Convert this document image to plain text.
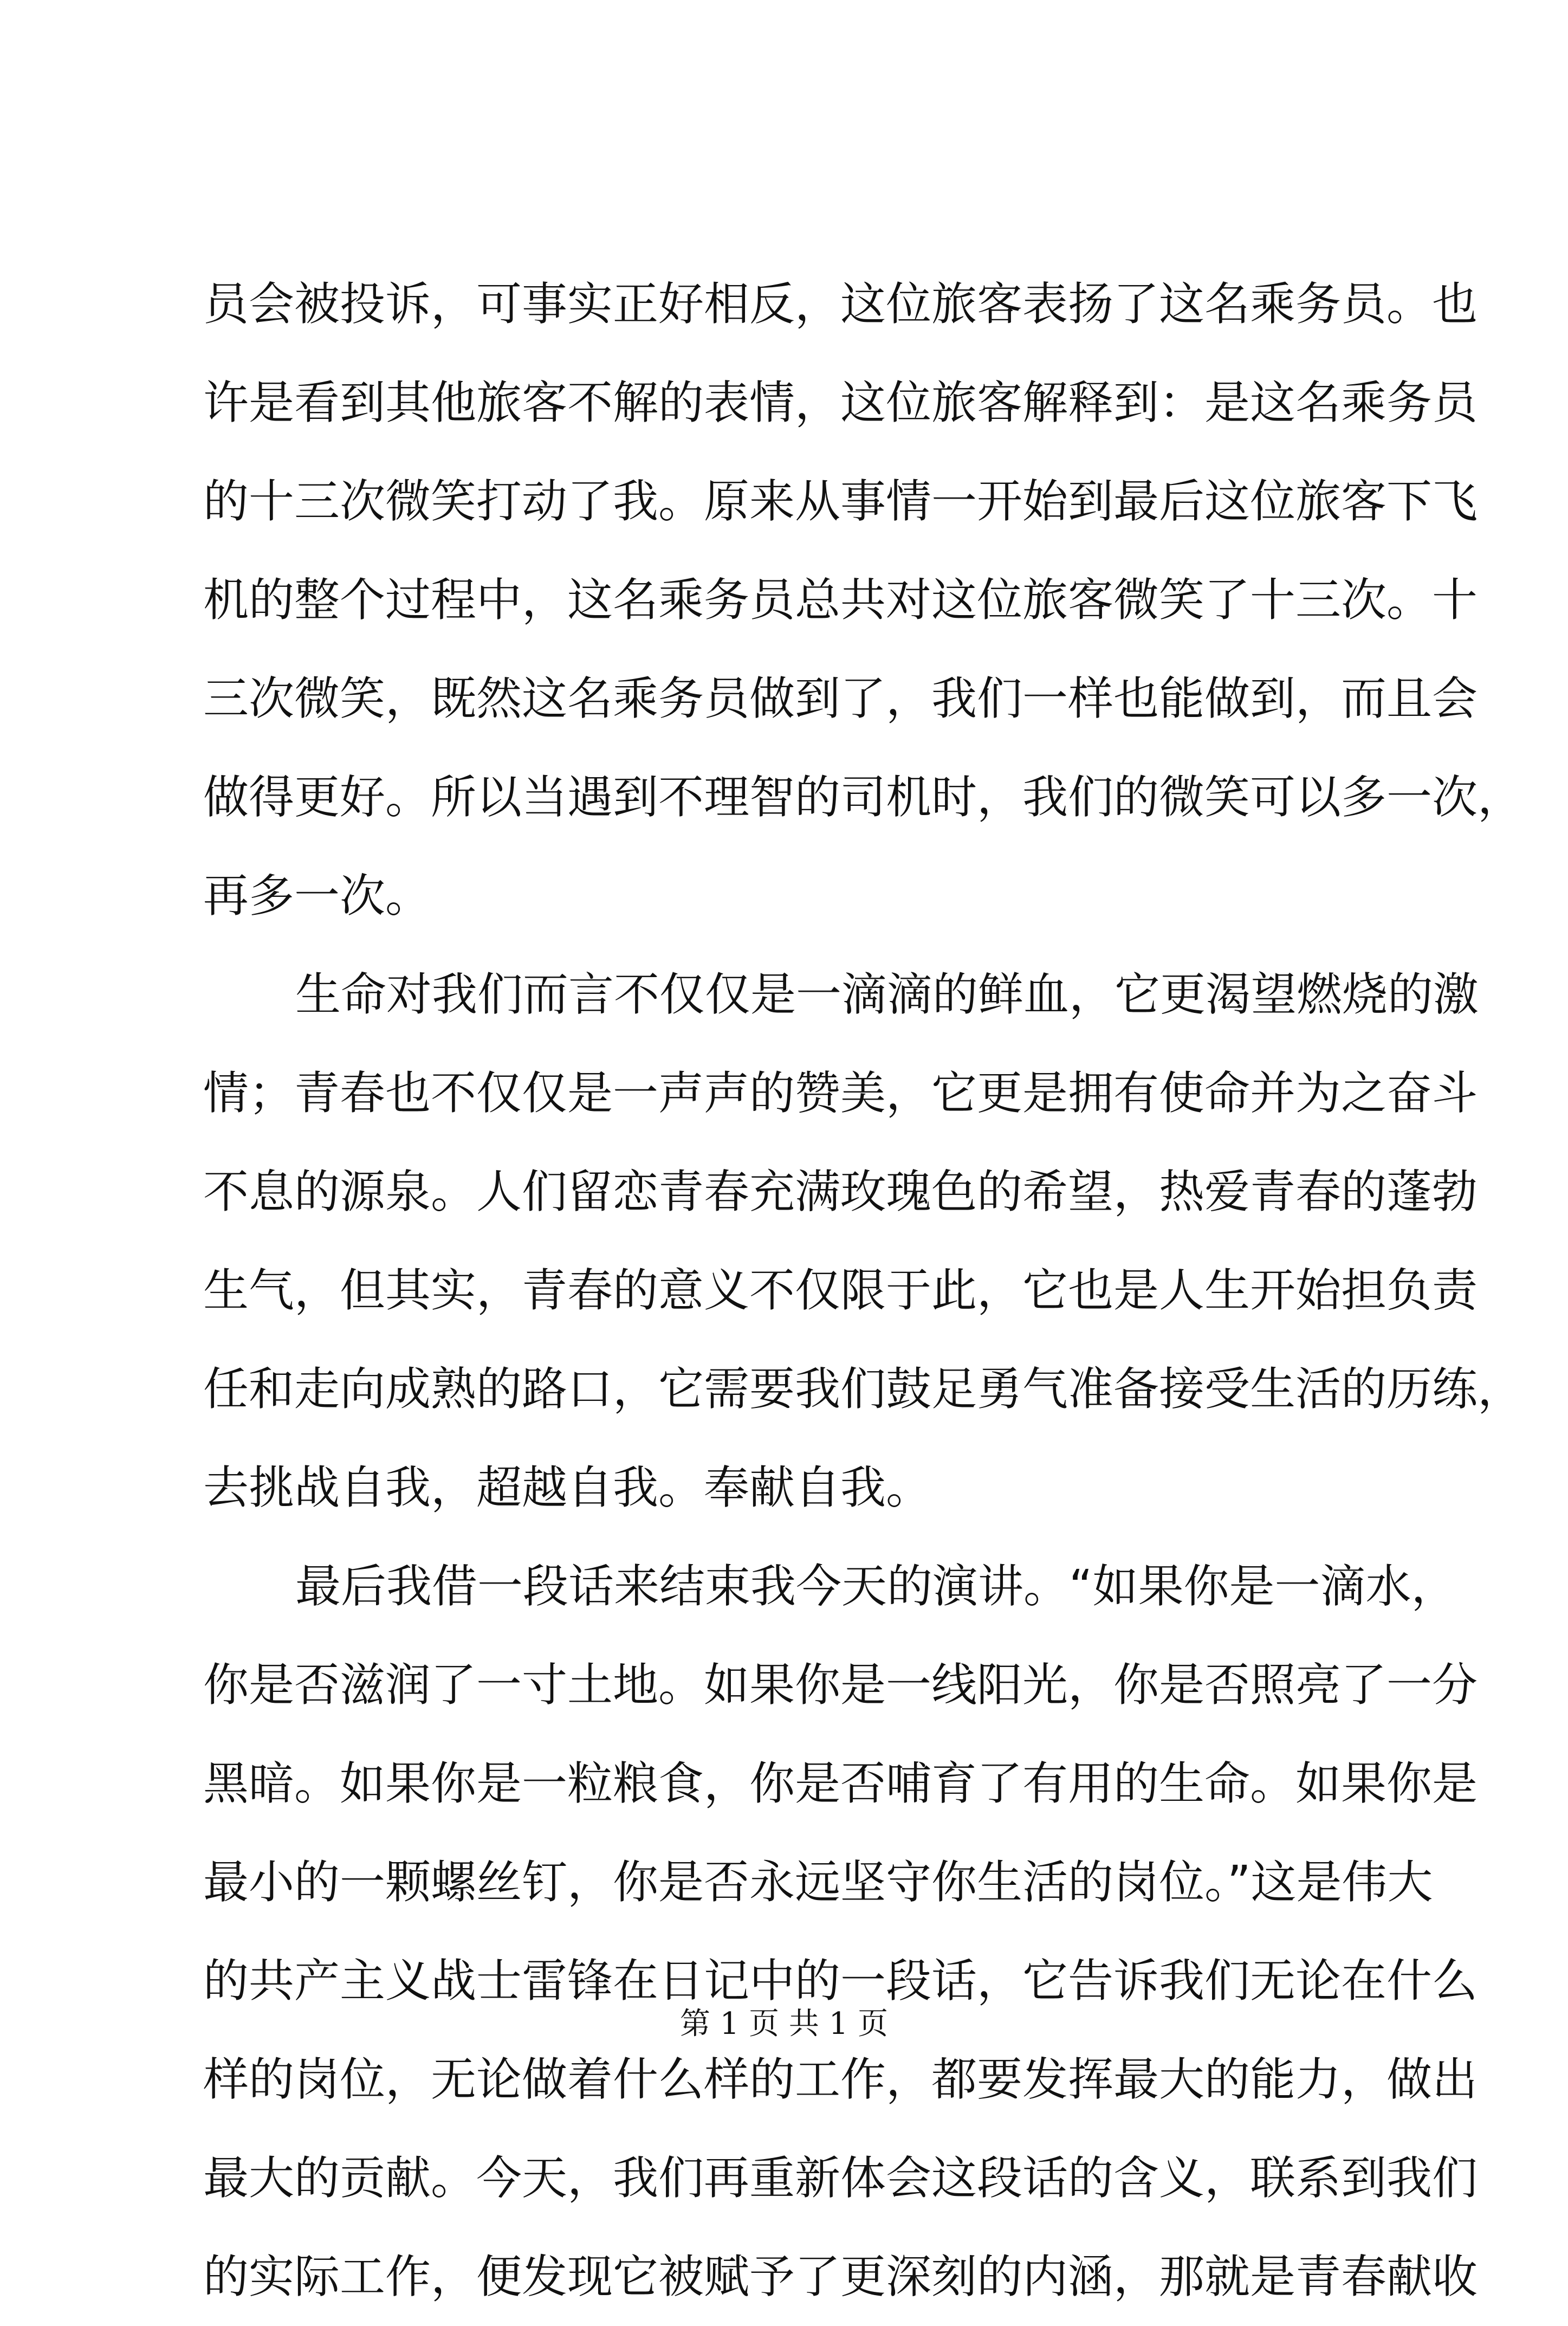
员会被投诉，可事实正好相反，这位旅客表扬了这名乘务员。也
许是看到其他旅客不解的表情，这位旅客解释到：是这名乘务员
的十三次微笑打动了我。原来从事情一开始到最后这位旅客下飞
机的整个过程中，这名乘务员总共对这位旅客微笑了十三次。十
三次微笑，既然这名乘务员做到了，我们一样也能做到，而且会
做得更好。所以当遇到不理智的司机时，我们的微笑可以多一次，
再多一次。
生命对我们而言不仅仅是一滴滴的鲜血，它更渴望燃烧的激
情；青春也不仅仅是一声声的赞美，它更是拥有使命并为之奋斗
不息的源泉。人们留恋青春充满玫瑰色的希望，热爱青春的蓬勃
生气，但其实，青春的意义不仅限于此，它也是人生开始担负责
任和走向成熟的路口，它需要我们鼓足勇气准备接受生活的历练，
去挑战自我，超越自我。奉献自我。
最后我借一段话来结束我今天的演讲。“如果你是一滴水，
你是否滋润了一寸土地。如果你是一线阳光，你是否照亮了一分
黑暗。如果你是一粒粮食，你是否哺育了有用的生命。如果你是
最小的一颗螺丝钉，你是否永远坚守你生活的岗位。”这是伟大
的共产主义战士雷锋在日记中的一段话，它告诉我们无论在什么
样的岗位，无论做着什么样的工作，都要发挥最大的能力，做出
最大的贡献。今天，我们再重新体会这段话的含义，联系到我们
的实际工作，便发现它被赋予了更深刻的内涵，那就是青春献收
第 1 页 共 1 页
